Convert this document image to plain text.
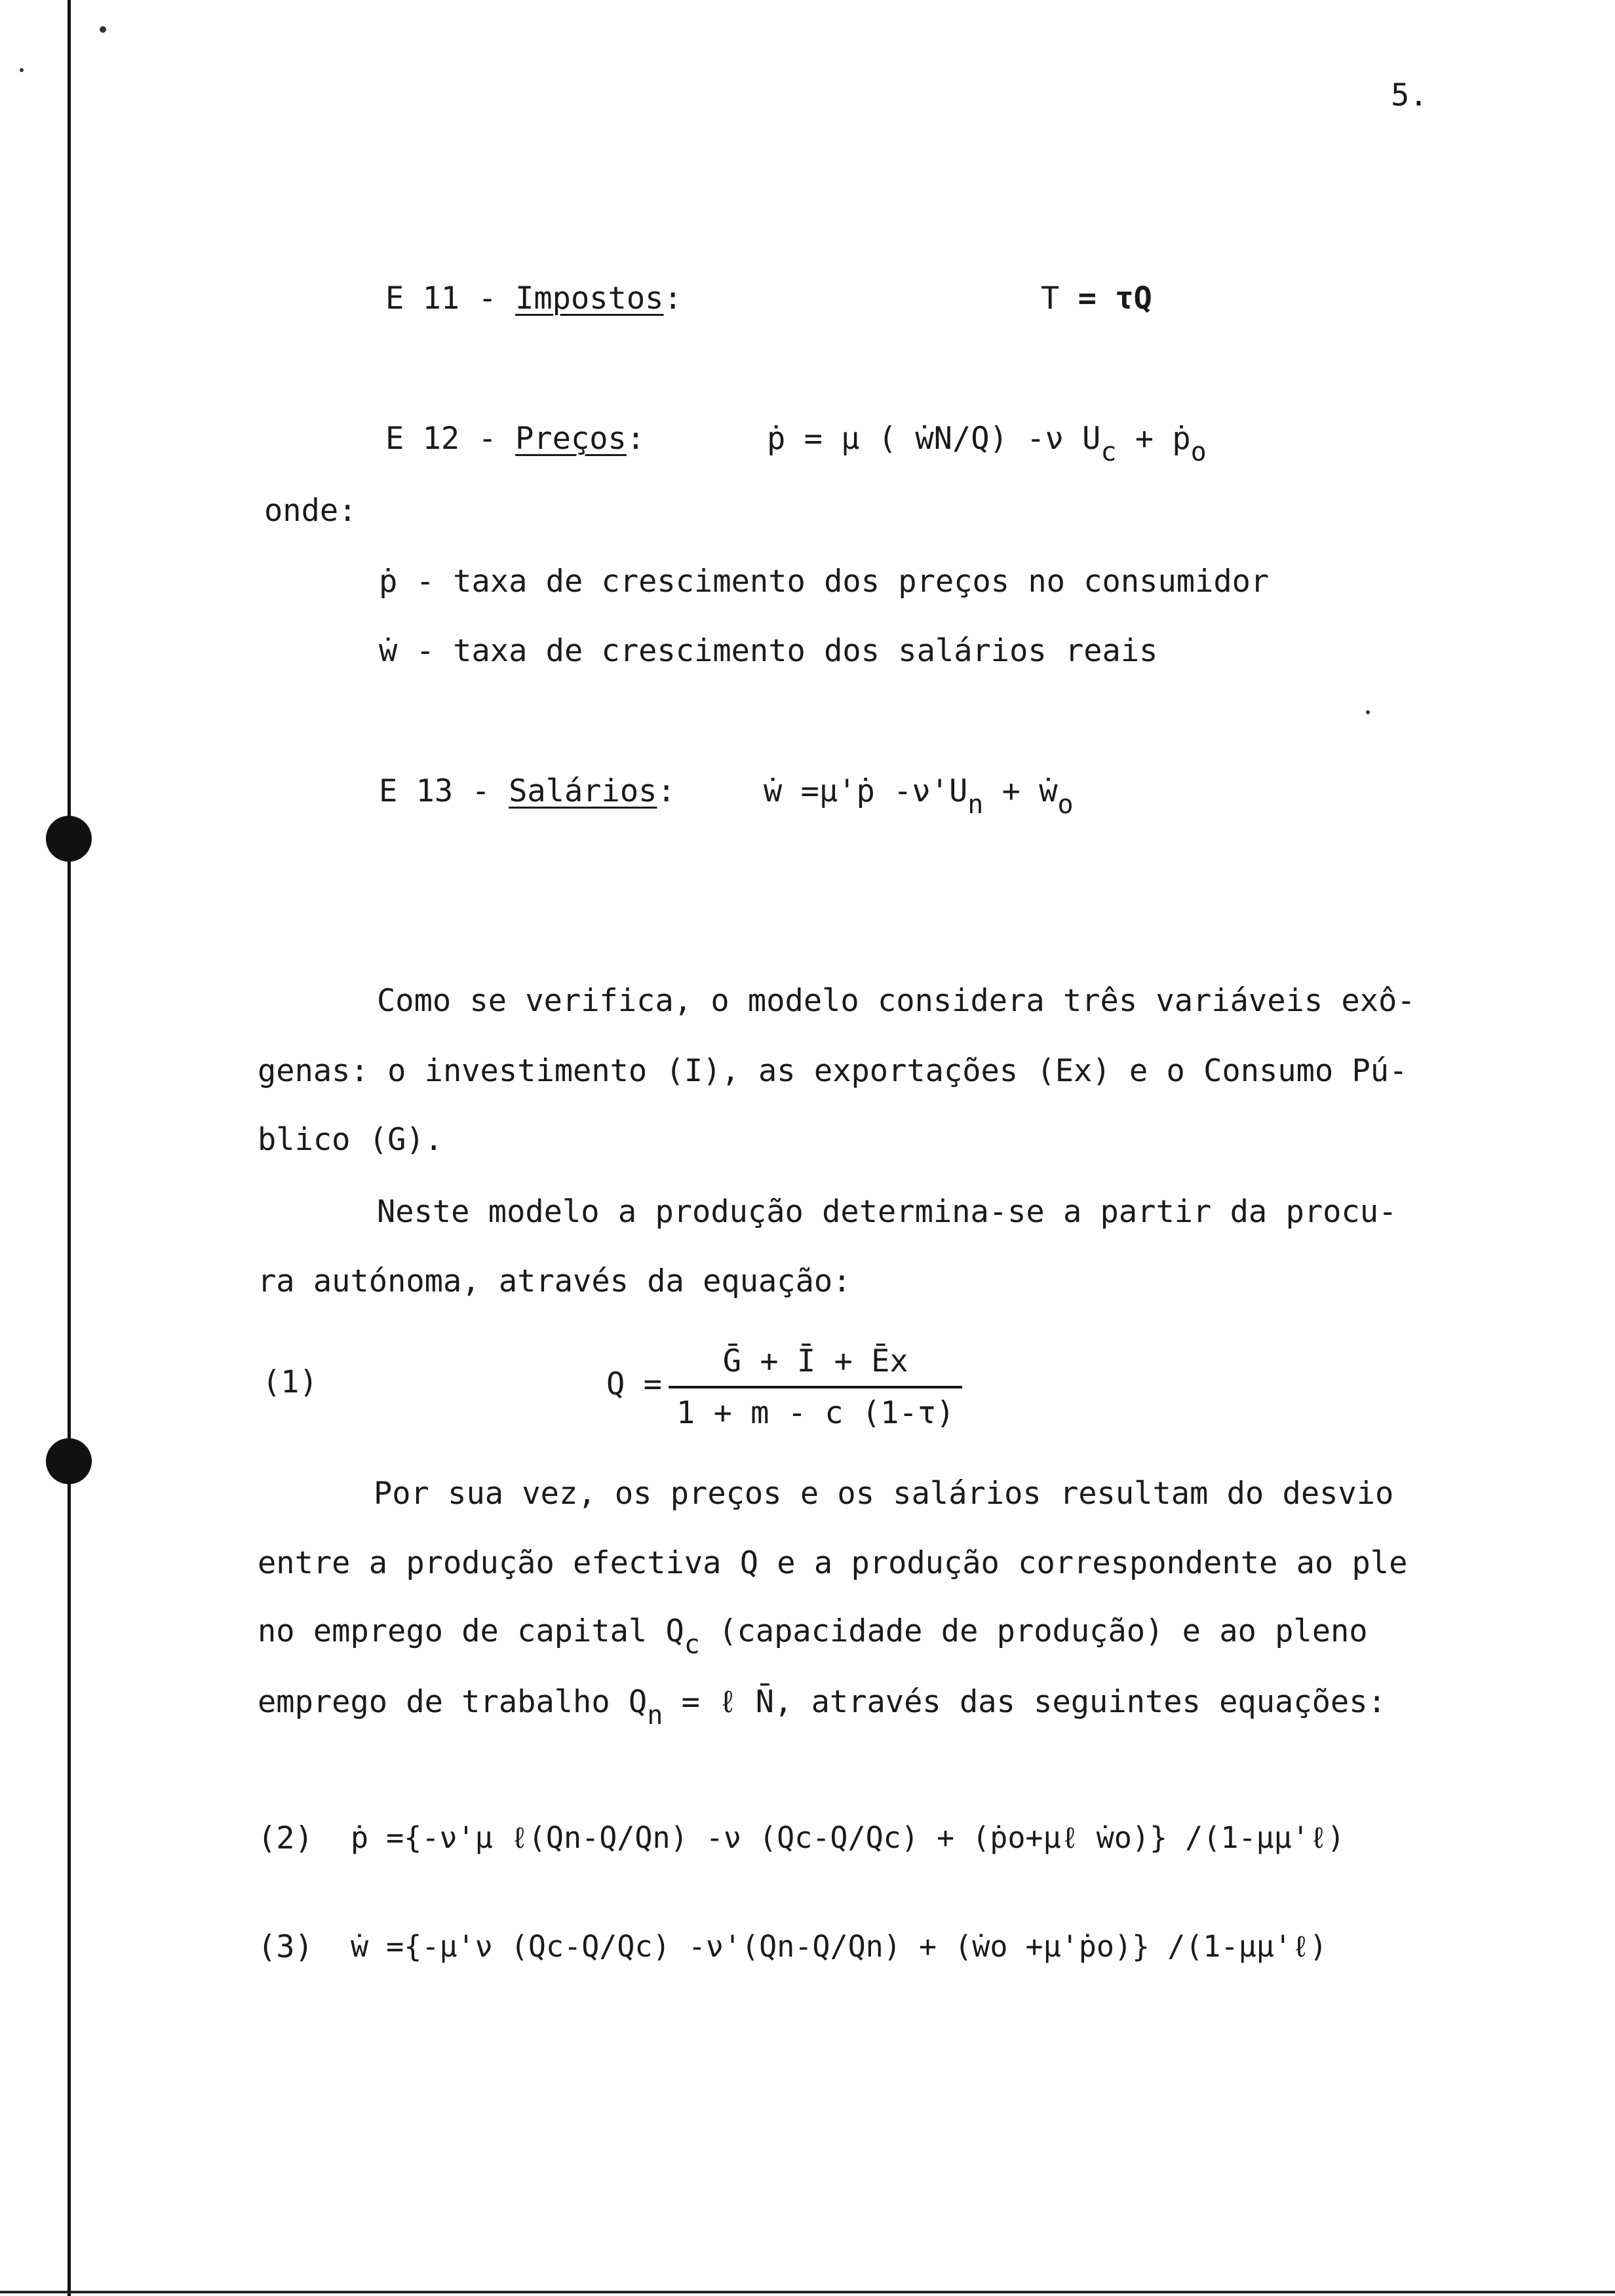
5.
E 11 - Impostos:	T = τQ
E 12 - Preços:	ṗ = μ ( ẇN/Q) -ν Uc + ṗo
onde:
ṗ - taxa de crescimento dos preços no consumidor
ẇ - taxa de crescimento dos salários reais
E 13 - Salários:	ẇ =μ'ṗ -ν'Un + ẇo
Como se verifica, o modelo considera três variáveis exô-
genas: o investimento (I), as exportações (Ex) e o Consumo Pú-
blico (G).
Neste modelo a produção determina-se a partir da procu-
ra autónoma, através da equação:
(1)	Q =
Ḡ + Ī + Ēx
1 + m - c (1-τ)
Por sua vez, os preços e os salários resultam do desvio
entre a produção efectiva Q e a produção correspondente ao ple
no emprego de capital Qc (capacidade de produção) e ao pleno
emprego de trabalho Qn = ℓ N̄, através das seguintes equações:
(2) ṗ ={-ν'μ ℓ(Qn-Q/Qn) -ν (Qc-Q/Qc) + (ṗo+μℓ ẇo)} /(1-μμ'ℓ)
(3) ẇ ={-μ'ν (Qc-Q/Qc) -ν'(Qn-Q/Qn) + (ẇo +μ'ṗo)} /(1-μμ'ℓ)
